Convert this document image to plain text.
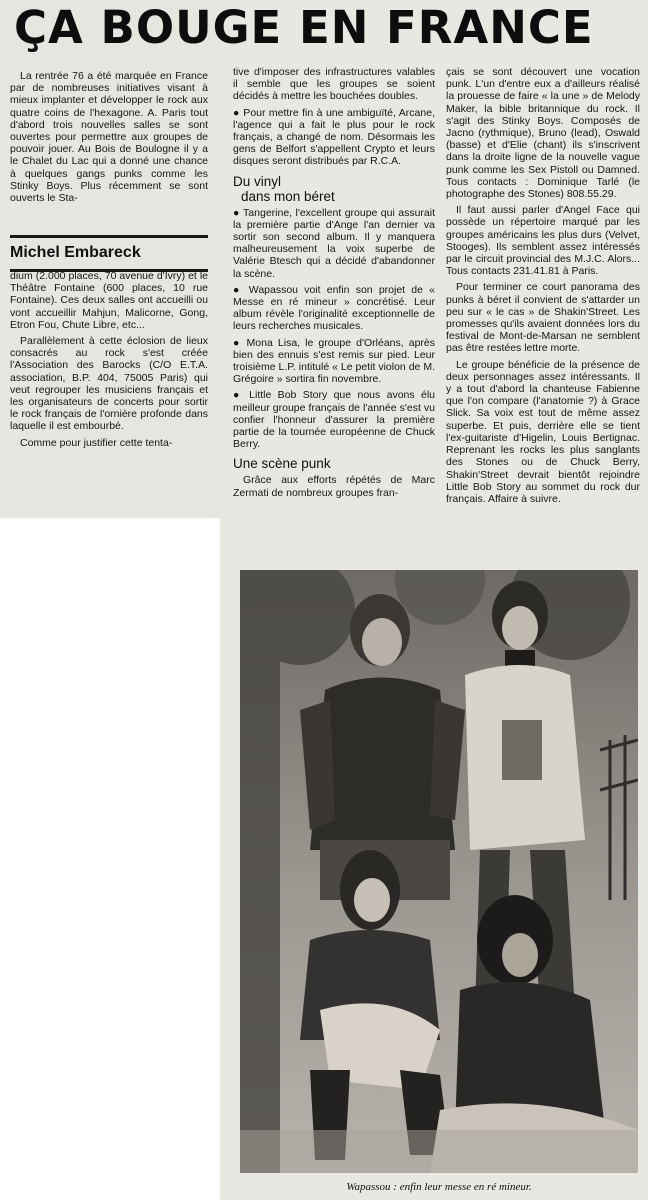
ÇA BOUGE EN FRANCE

La rentrée 76 a été marquée en France par de nombreuses initiatives visant à mieux implanter et développer le rock aux quatre coins de l'hexagone. A. Paris tout d'abord trois nouvelles salles se sont ouvertes pour permettre aux groupes de pouvoir jouer. Au Bois de Boulogne il y a le Chalet du Lac qui a donné une chance à quelques gangs punks comme les Stinky Boys. Plus récemment se sont ouverts le Sta-

Michel Embareck

dium (2.000 places, 70 avenue d'Ivry) et le Théâtre Fontaine (600 places, 10 rue Fontaine). Ces deux salles ont accueilli ou vont accueillir Mahjun, Malicorne, Gong, Etron Fou, Chute Libre, etc...

Parallèlement à cette éclosion de lieux consacrés au rock s'est créée l'Association des Barocks (C/O E.T.A. association, B.P. 404, 75005 Paris) qui veut regrouper les musiciens français et les organisateurs de concerts pour sortir le rock français de l'ornière profonde dans laquelle il est embourbé.

Comme pour justifier cette tenta-

tive d'imposer des infrastructures valables il semble que les groupes se soient décidés à mettre les bouchées doubles.

● Pour mettre fin à une ambiguïté, Arcane, l'agence qui a fait le plus pour le rock français, a changé de nom. Désormais les gens de Belfort s'appellent Crypto et leurs disques seront distribués par R.C.A.

Du vinyl
dans mon béret

● Tangerine, l'excellent groupe qui assurait la première partie d'Ange l'an dernier va sortir son second album. Il y manquera malheureusement la voix superbe de Valérie Btesch qui a décidé d'abandonner la scène.

● Wapassou voit enfin son projet de « Messe en ré mineur » concrétisé. Leur album révèle l'originalité exceptionnelle de leurs recherches musicales.

● Mona Lisa, le groupe d'Orléans, après bien des ennuis s'est remis sur pied. Leur troisième L.P. intitulé « Le petit violon de M. Grégoire » sortira fin novembre.

● Little Bob Story que nous avons élu meilleur groupe français de l'année s'est vu confier l'honneur d'assurer la première partie de la tournée européenne de Chuck Berry.

Une scène punk

Grâce aux efforts répétés de Marc Zermati de nombreux groupes fran-

çais se sont découvert une vocation punk. L'un d'entre eux a d'ailleurs réalisé la prouesse de faire « la une » de Melody Maker, la bible britannique du rock. Il s'agit des Stinky Boys. Composés de Jacno (rythmique), Bruno (lead), Oswald (basse) et d'Elie (chant) ils s'inscrivent dans la droite ligne de la nouvelle vague punk comme les Sex Pistoll ou Damned. Tous contacts : Dominique Tarlé (le photographe des Stones) 808.55.29.

Il faut aussi parler d'Angel Face qui possède un répertoire marqué par les groupes américains les plus durs (Velvet, Stooges). Ils semblent assez intéressés par le circuit provincial des M.J.C. Alors... Tous contacts 231.41.81 à Paris.

Pour terminer ce court panorama des punks à béret il convient de s'attarder un peu sur « le cas » de Shakin'Street. Les promesses qu'ils avaient données lors du festival de Mont-de-Marsan ne semblent pas être restées lettre morte.

Le groupe bénéficie de la présence de deux personnages assez intéressants. Il y a tout d'abord la chanteuse Fabienne que l'on compare (l'anatomie ?) à Grace Slick. Sa voix est tout de même assez superbe. Et puis, derrière elle se tient l'ex-guitariste d'Higelin, Louis Bertignac. Reprenant les rocks les plus sanglants des Stones ou de Chuck Berry, Shakin'Street devrait bientôt rejoindre Little Bob Story au sommet du rock dur français. Affaire à suivre.

Wapassou : enfin leur messe en ré mineur.
